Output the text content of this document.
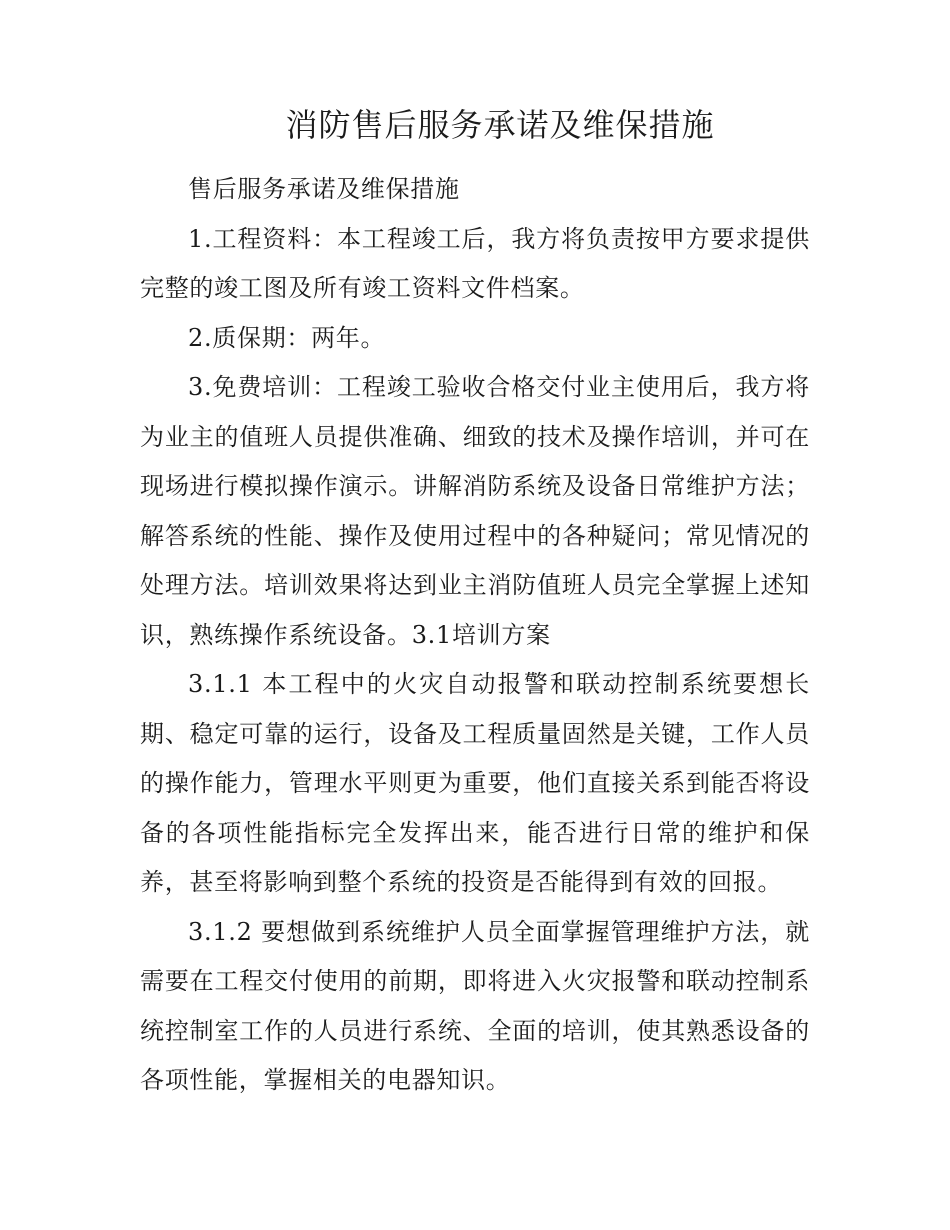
消防售后服务承诺及维保措施

售后服务承诺及维保措施

1.工程资料：本工程竣工后，我方将负责按甲方要求提供完整的竣工图及所有竣工资料文件档案。

2.质保期：两年。

3.免费培训：工程竣工验收合格交付业主使用后，我方将为业主的值班人员提供准确、细致的技术及操作培训，并可在现场进行模拟操作演示。讲解消防系统及设备日常维护方法；解答系统的性能、操作及使用过程中的各种疑问；常见情况的处理方法。培训效果将达到业主消防值班人员完全掌握上述知识，熟练操作系统设备。3.1培训方案

3.1.1 本工程中的火灾自动报警和联动控制系统要想长期、稳定可靠的运行，设备及工程质量固然是关键，工作人员的操作能力，管理水平则更为重要，他们直接关系到能否将设备的各项性能指标完全发挥出来，能否进行日常的维护和保养，甚至将影响到整个系统的投资是否能得到有效的回报。

3.1.2 要想做到系统维护人员全面掌握管理维护方法，就需要在工程交付使用的前期，即将进入火灾报警和联动控制系统控制室工作的人员进行系统、全面的培训，使其熟悉设备的各项性能，掌握相关的电器知识。
